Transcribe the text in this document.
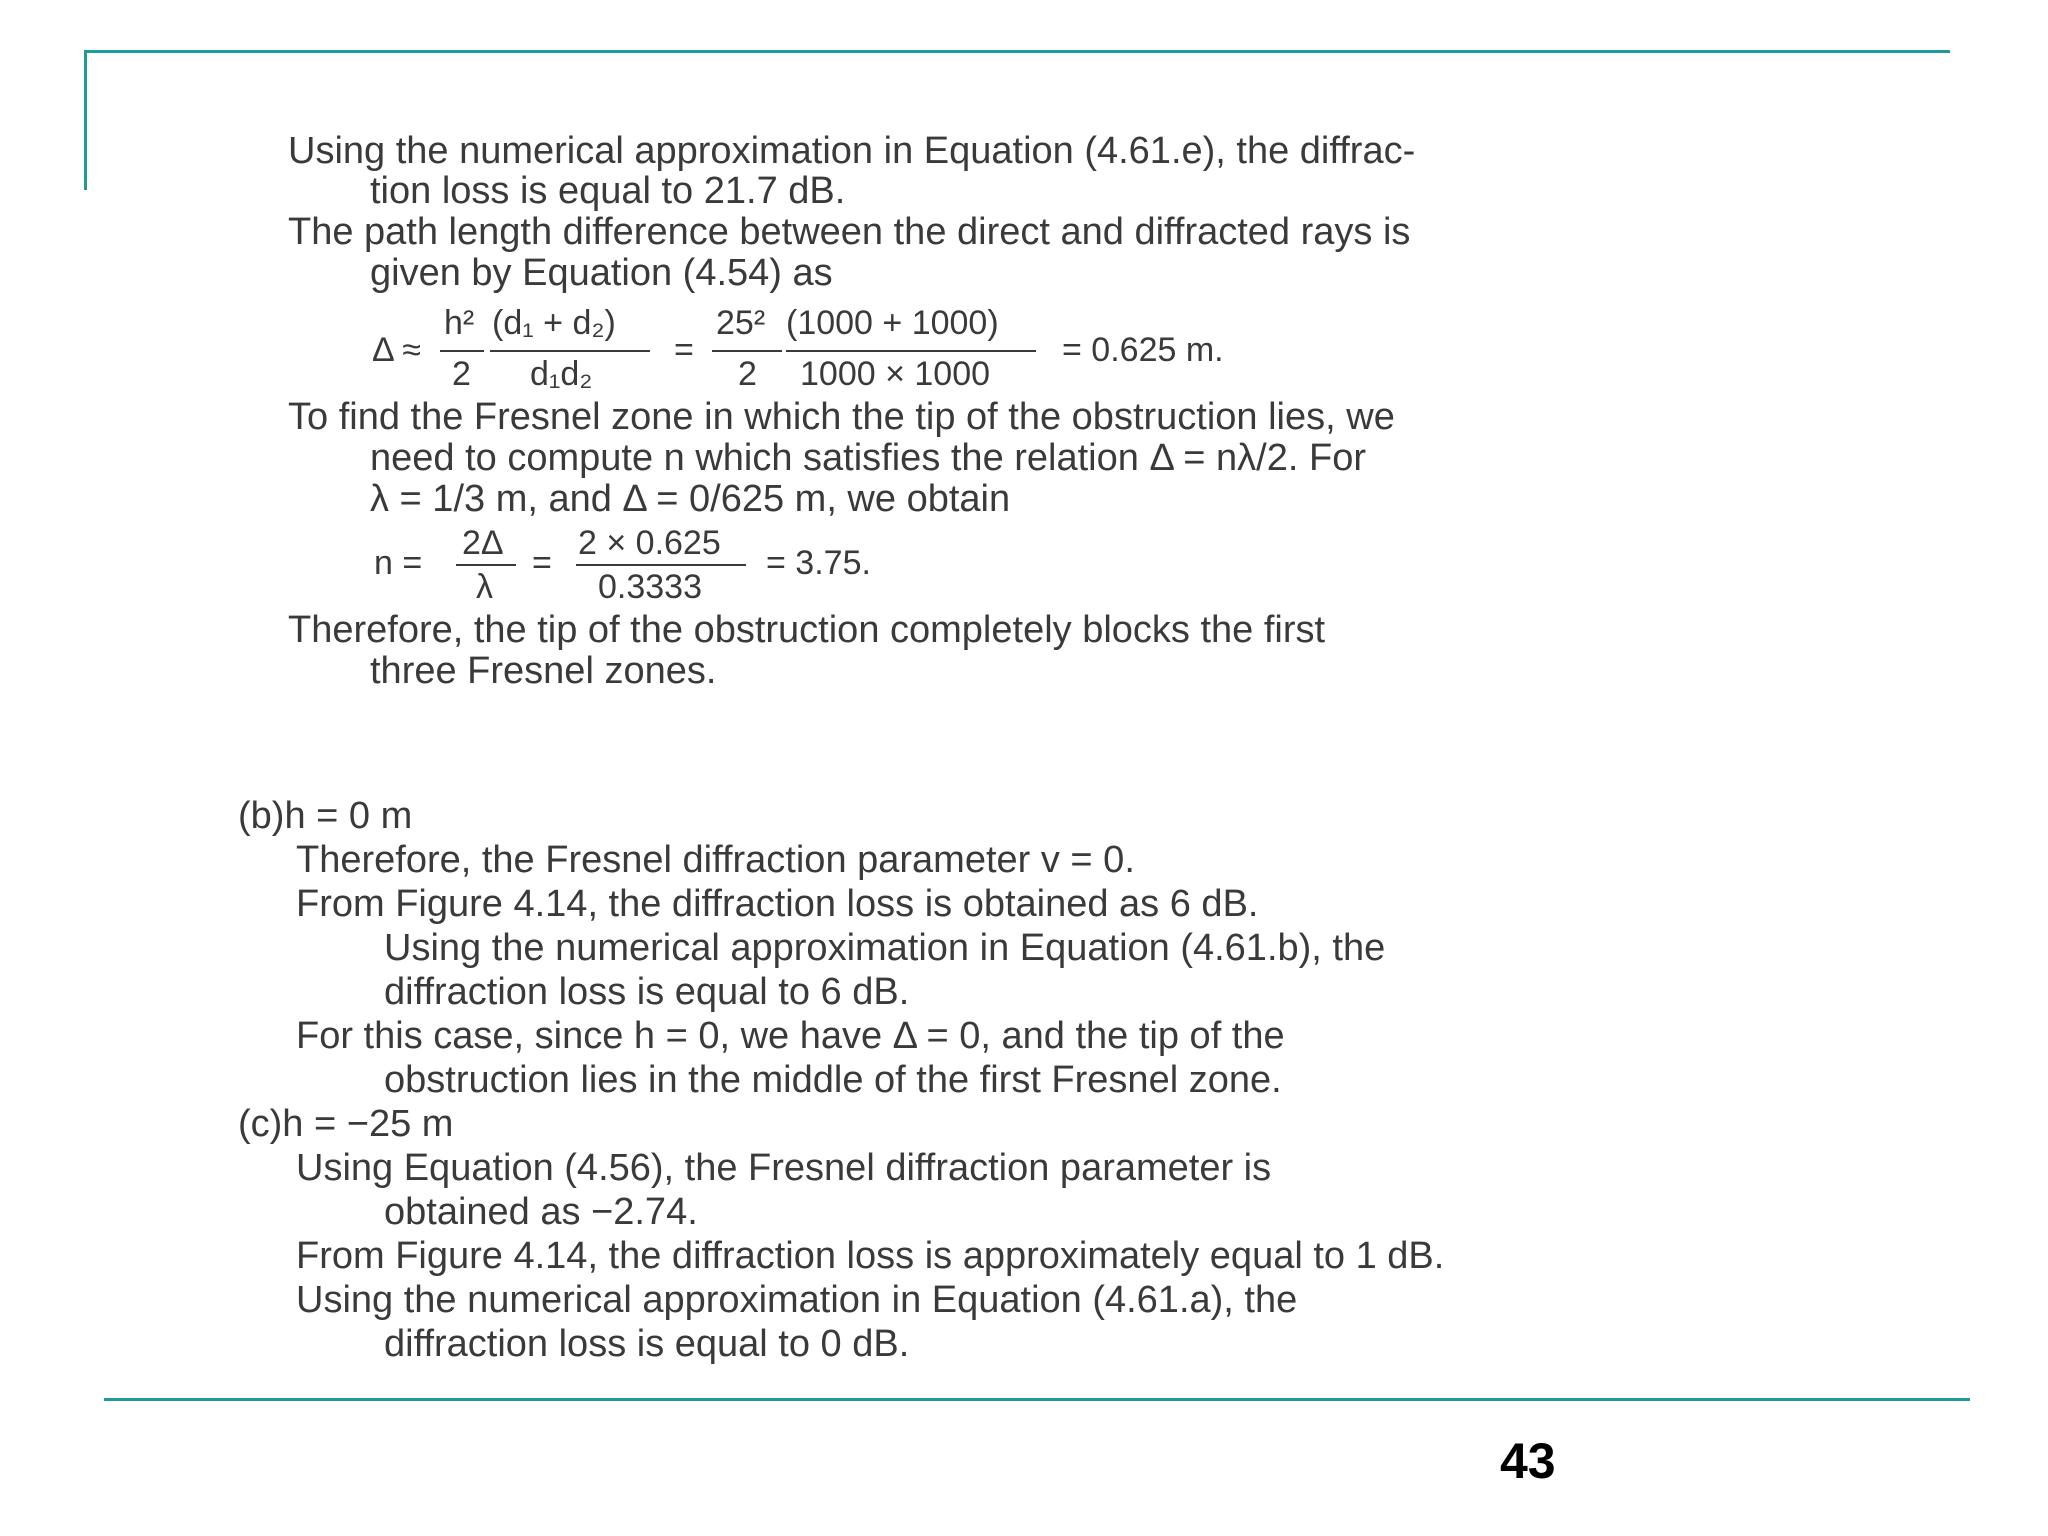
Using the numerical approximation in Equation (4.61.e), the diffrac-
tion loss is equal to 21.7 dB.
The path length difference between the direct and diffracted rays is
given by Equation (4.54) as
Δ ≈
h²
2
(d₁ + d₂)
d₁d₂
=
25²
2
(1000 + 1000)
1000 × 1000
= 0.625 m.
To find the Fresnel zone in which the tip of the obstruction lies, we
need to compute n which satisfies the relation Δ = nλ/2. For
λ = 1/3 m, and Δ = 0/625 m, we obtain
n =
2Δ
λ
=
2 × 0.625
0.3333
= 3.75.
Therefore, the tip of the obstruction completely blocks the first
three Fresnel zones.
(b)h = 0 m
Therefore, the Fresnel diffraction parameter v = 0.
From Figure 4.14, the diffraction loss is obtained as 6 dB.
Using the numerical approximation in Equation (4.61.b), the
diffraction loss is equal to 6 dB.
For this case, since h = 0, we have Δ = 0, and the tip of the
obstruction lies in the middle of the first Fresnel zone.
(c)h = −25 m
Using Equation (4.56), the Fresnel diffraction parameter is
obtained as −2.74.
From Figure 4.14, the diffraction loss is approximately equal to 1 dB.
Using the numerical approximation in Equation (4.61.a), the
diffraction loss is equal to 0 dB.
43
